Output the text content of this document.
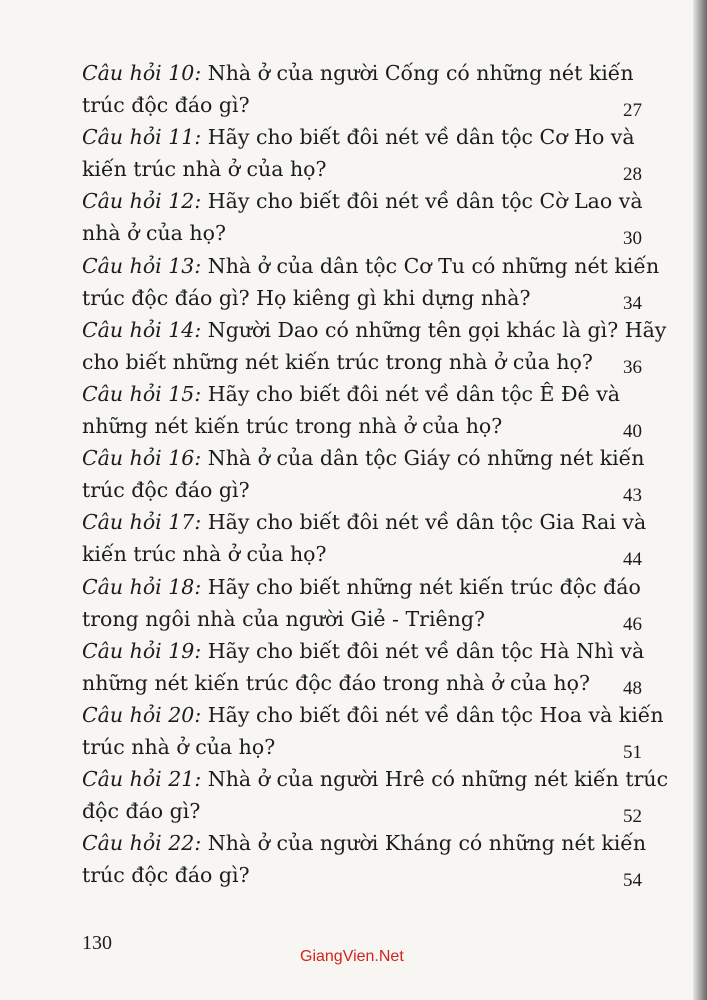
Câu hỏi 10: Nhà ở của người Cống có những nét kiến
trúc độc đáo gì?	27
Câu hỏi 11: Hãy cho biết đôi nét về dân tộc Cơ Ho và
kiến trúc nhà ở của họ?	28
Câu hỏi 12: Hãy cho biết đôi nét về dân tộc Cờ Lao và
nhà ở của họ?	30
Câu hỏi 13: Nhà ở của dân tộc Cơ Tu có những nét kiến
trúc độc đáo gì? Họ kiêng gì khi dựng nhà?	34
Câu hỏi 14: Người Dao có những tên gọi khác là gì? Hãy
cho biết những nét kiến trúc trong nhà ở của họ? 36
Câu hỏi 15: Hãy cho biết đôi nét về dân tộc Ê Đê và
những nét kiến trúc trong nhà ở của họ?	40
Câu hỏi 16: Nhà ở của dân tộc Giáy có những nét kiến
trúc độc đáo gì?	43
Câu hỏi 17: Hãy cho biết đôi nét về dân tộc Gia Rai và
kiến trúc nhà ở của họ?	44
Câu hỏi 18: Hãy cho biết những nét kiến trúc độc đáo
trong ngôi nhà của người Giẻ - Triêng?	46
Câu hỏi 19: Hãy cho biết đôi nét về dân tộc Hà Nhì và
những nét kiến trúc độc đáo trong nhà ở của họ? 48
Câu hỏi 20: Hãy cho biết đôi nét về dân tộc Hoa và kiến
trúc nhà ở của họ?	51
Câu hỏi 21: Nhà ở của người Hrê có những nét kiến trúc
độc đáo gì?	52
Câu hỏi 22: Nhà ở của người Kháng có những nét kiến
trúc độc đáo gì?	54
130
GiangVien.Net
